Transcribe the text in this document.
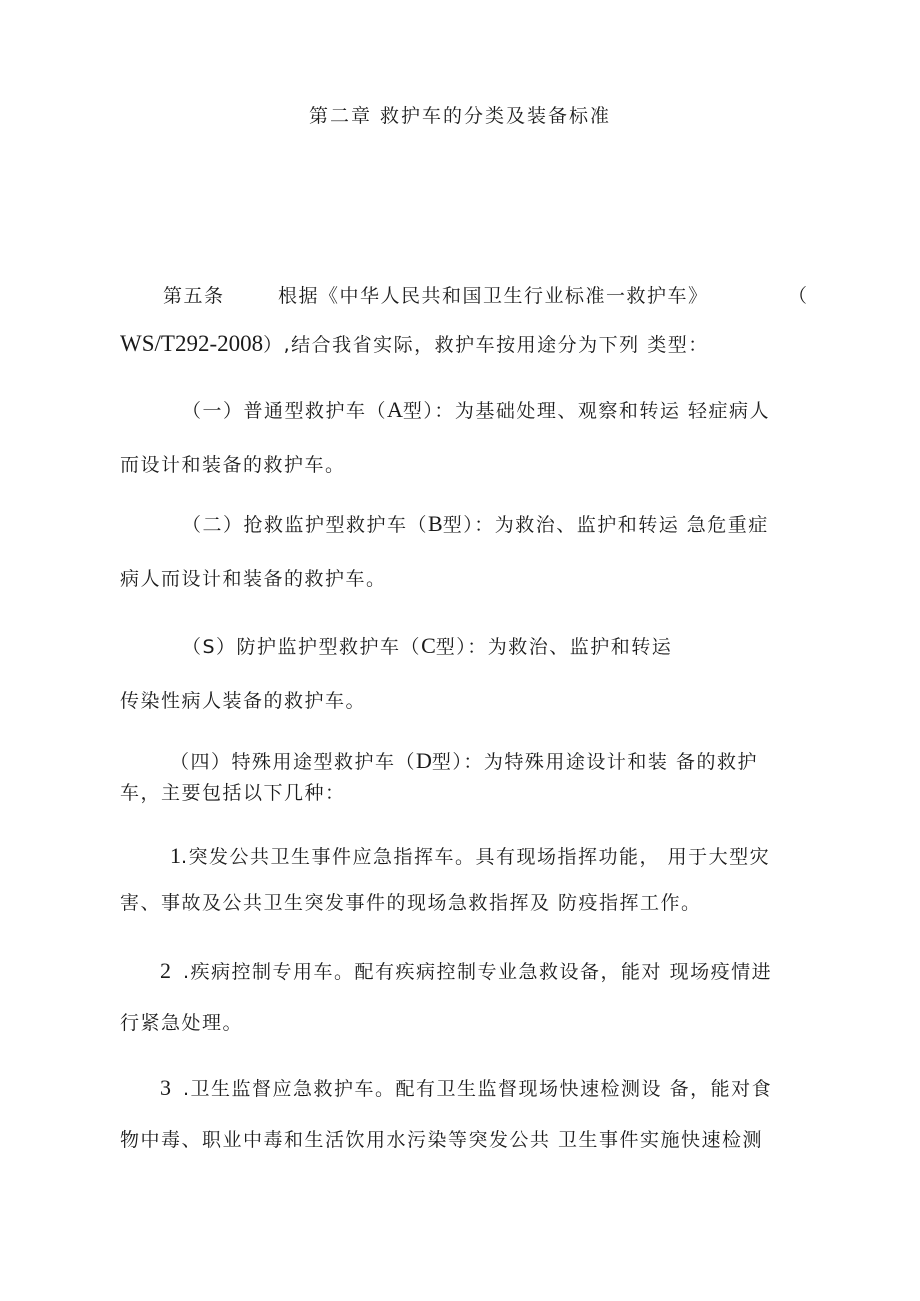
第二章 救护车的分类及装备标准
第五条	根据《中华人民共和国卫生行业标准一救护车》	（
WS/T292-2008）,结合我省实际，救护车按用途分为下列 类型：
（一）普通型救护车（A型）：为基础处理、观察和转运 轻症病人
而设计和装备的救护车。
（二）抢救监护型救护车（B型）：为救治、监护和转运 急危重症
病人而设计和装备的救护车。
（S）防护监护型救护车（C型）：为救治、监护和转运
传染性病人装备的救护车。
（四）特殊用途型救护车（D型）：为特殊用途设计和装 备的救护
车，主要包括以下几种：
1.突发公共卫生事件应急指挥车。具有现场指挥功能， 用于大型灾
害、事故及公共卫生突发事件的现场急救指挥及 防疫指挥工作。
2 .疾病控制专用车。配有疾病控制专业急救设备，能对 现场疫情进
行紧急处理。
3 .卫生监督应急救护车。配有卫生监督现场快速检测设 备，能对食
物中毒、职业中毒和生活饮用水污染等突发公共 卫生事件实施快速检测
